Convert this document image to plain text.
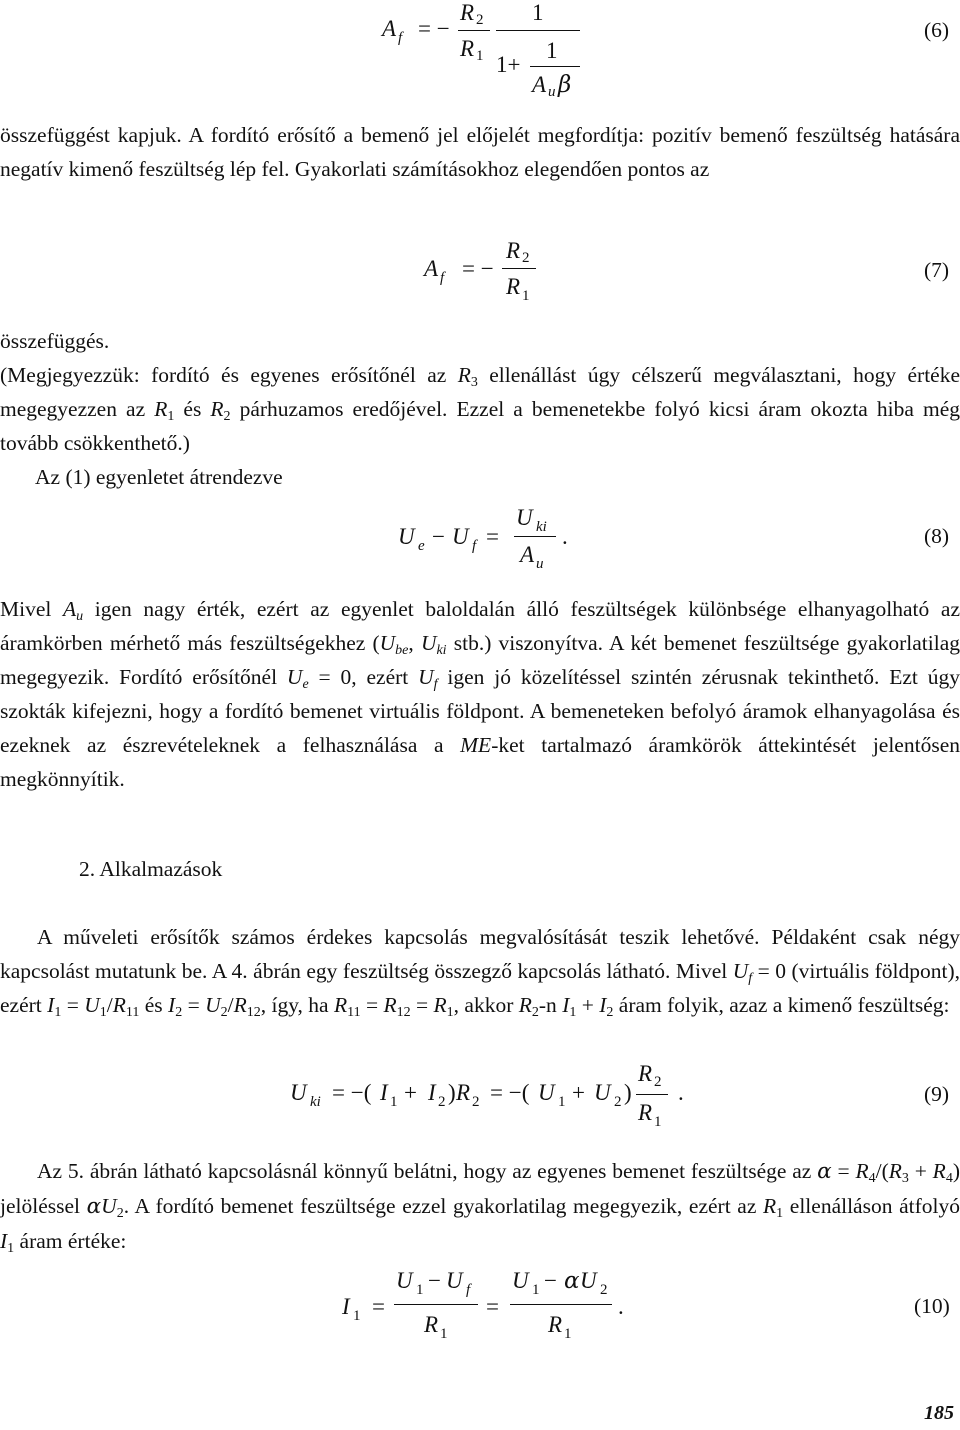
A f = −
R 2
R 1
1
1+
1
A u β
(6)

összefüggést kapjuk. A fordító erősítő a bemenő jel előjelét megfordítja: pozitív bemenő feszültség hatására negatív kimenő feszültség lép fel. Gyakorlati számításokhoz elegendően pontos az

A f = −
R 2
R 1
(7)

összefüggés.

(Megjegyezzük: fordító és egyenes erősítőnél az $R_3$ ellenállást úgy célszerű megválasztani, hogy értéke megegyezzen az $R_1$ és $R_2$ párhuzamos eredőjével. Ezzel a bemenetekbe folyó kicsi áram okozta hiba még tovább csökkenthető.)

Az (1) egyenletet átrendezve

U e − U f =
U ki
A u
.	(8)

Mivel $A_u$ igen nagy érték, ezért az egyenlet baloldalán álló feszültségek különbsége elhanyagolható az áramkörben mérhető más feszültségekhez ($U_{be}$, $U_{ki}$ stb.) viszonyítva. A két bemenet feszültsége gyakorlatilag megegyezik. Fordító erősítőnél $U_e = 0$, ezért $U_f$ igen jó közelítéssel szintén zérusnak tekinthető. Ezt úgy szokták kifejezni, hogy a fordító bemenet virtuális földpont. A bemeneteken befolyó áramok elhanyagolása és ezeknek az észrevételeknek a felhasználása a ME-ket tartalmazó áramkörök áttekintését jelentősen megkönnyítik.

2. Alkalmazások

A műveleti erősítők számos érdekes kapcsolás megvalósítását teszik lehetővé. Példaként csak négy kapcsolást mutatunk be. A 4. ábrán egy feszültség összegző kapcsolás látható. Mivel $U_f = 0$ (virtuális földpont), ezért $I_1 = U_1/R_{11}$ és $I_2 = U_2/R_{12}$, így, ha $R_{11} = R_{12} = R_1$, akkor $R_2-n$ $I_1 + I_2$ áram folyik, azaz a kimenő feszültség:

U ki = −( I 1 + I 2 ) R 2 = −( U 1 + U 2 )
R 2
R 1
.	(9)

Az 5. ábrán látható kapcsolásnál könnyű belátni, hogy az egyenes bemenet feszültsége az $\alpha = R_4/(R_3 + R_4)$ jelöléssel $\alpha U_2$. A fordító bemenet feszültsége ezzel gyakorlatilag megegyezik, ezért az $R_1$ ellenálláson átfolyó $I_1$ áram értéke:

I 1 =
U 1 − U f
R 1
=
U 1 − α U 2
R 1
.	(10)
185
